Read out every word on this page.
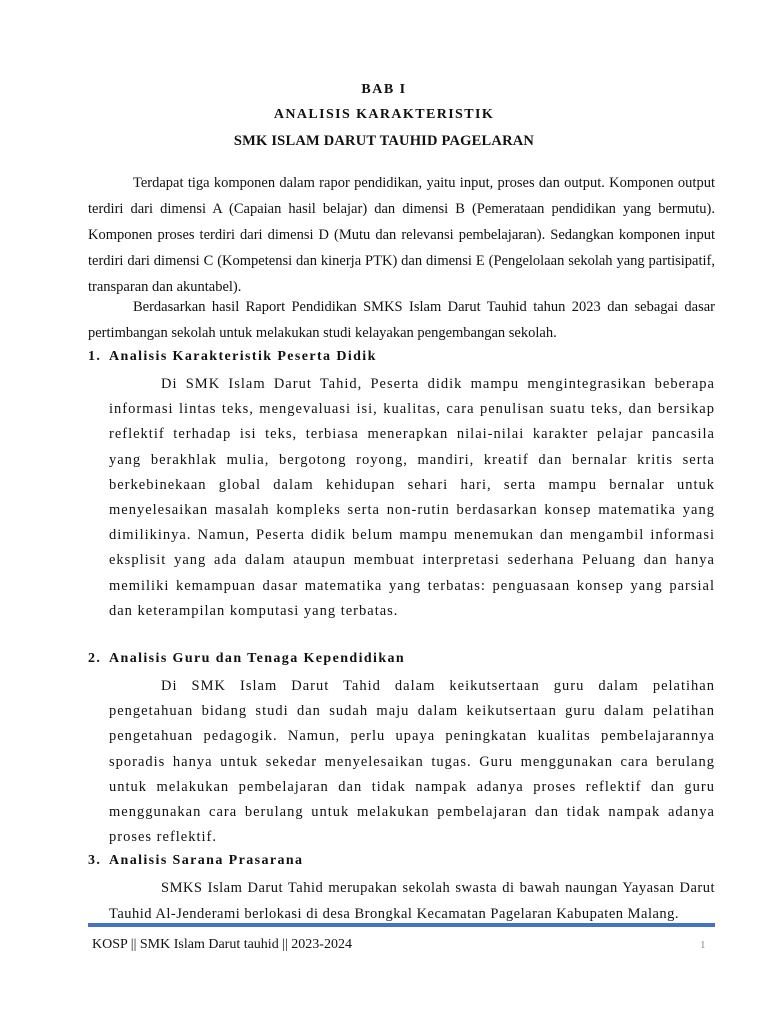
BAB I
ANALISIS KARAKTERISTIK
SMK ISLAM DARUT TAUHID PAGELARAN

Terdapat tiga komponen dalam rapor pendidikan, yaitu input, proses dan output. Komponen output terdiri dari dimensi A (Capaian hasil belajar) dan dimensi B (Pemerataan pendidikan yang bermutu). Komponen proses terdiri dari dimensi D (Mutu dan relevansi pembelajaran). Sedangkan komponen input terdiri dari dimensi C (Kompetensi dan kinerja PTK) dan dimensi E (Pengelolaan sekolah yang partisipatif, transparan dan akuntabel).

Berdasarkan hasil Raport Pendidikan SMKS Islam Darut Tauhid tahun 2023 dan sebagai dasar pertimbangan sekolah untuk melakukan studi kelayakan pengembangan sekolah.

1. Analisis Karakteristik Peserta Didik

Di SMK Islam Darut Tahid, Peserta didik mampu mengintegrasikan beberapa informasi lintas teks, mengevaluasi isi, kualitas, cara penulisan suatu teks, dan bersikap reflektif terhadap isi teks, terbiasa menerapkan nilai-nilai karakter pelajar pancasila yang berakhlak mulia, bergotong royong, mandiri, kreatif dan bernalar kritis serta berkebinekaan global dalam kehidupan sehari hari, serta mampu bernalar untuk menyelesaikan masalah kompleks serta non-rutin berdasarkan konsep matematika yang dimilikinya. Namun, Peserta didik belum mampu menemukan dan mengambil informasi eksplisit yang ada dalam ataupun membuat interpretasi sederhana Peluang dan hanya memiliki kemampuan dasar matematika yang terbatas: penguasaan konsep yang parsial dan keterampilan komputasi yang terbatas.

2. Analisis Guru dan Tenaga Kependidikan

Di SMK Islam Darut Tahid dalam keikutsertaan guru dalam pelatihan pengetahuan bidang studi dan sudah maju dalam keikutsertaan guru dalam pelatihan pengetahuan pedagogik. Namun, perlu upaya peningkatan kualitas pembelajarannya sporadis hanya untuk sekedar menyelesaikan tugas. Guru menggunakan cara berulang untuk melakukan pembelajaran dan tidak nampak adanya proses reflektif dan guru menggunakan cara berulang untuk melakukan pembelajaran dan tidak nampak adanya proses reflektif.

3. Analisis Sarana Prasarana

SMKS Islam Darut Tahid merupakan sekolah swasta di bawah naungan Yayasan Darut Tauhid Al-Jenderami berlokasi di desa Brongkal Kecamatan Pagelaran Kabupaten Malang.

KOSP || SMK Islam Darut tauhid || 2023-2024	1
